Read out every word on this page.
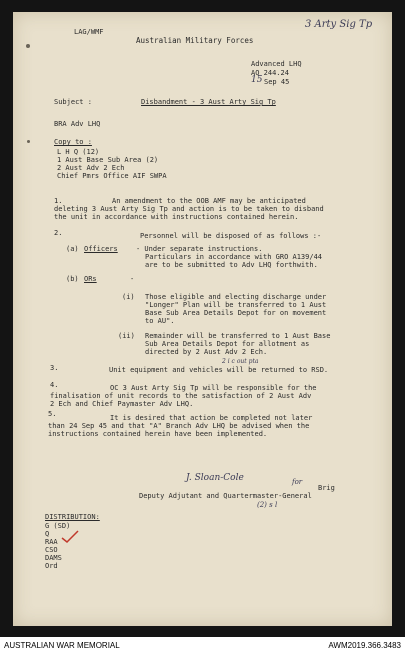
LAG/WMF
Australian Military Forces
3 Arty Sig Tp
Advanced LHQ
AQ 244.24
15 Sep 45
Subject :	Disbandment - 3 Aust Arty Sig Tp
BRA Adv LHQ
Copy to :
L H Q (12)
1 Aust Base Sub Area (2)
2 Aust Adv 2 Ech
Chief Pmrs Office AIF SWPA
1.	An amendment to the OOB AMF may be anticipated
deleting 3 Aust Arty Sig Tp and action is to be taken to disband
the unit in accordance with instructions contained herein.
2.	Personnel will be disposed of as follows :-
(a) Officers	- Under separate instructions.
Particulars in accordance with GRO A139/44
are to be submitted to Adv LHQ forthwith.
(b) ORs	-
(i) Those eligible and electing discharge under
"Longer" Plan will be transferred to 1 Aust
Base Sub Area Details Depot for on movement
to AU".
(ii) Remainder will be transferred to 1 Aust Base
Sub Area Details Depot for allotment as
directed by 2 Aust Adv 2 Ech.
3.	Unit equipment and vehicles will be returned to RSD.
2 i c out pta
4.	OC 3 Aust Arty Sig Tp will be responsible for the
finalisation of unit records to the satisfaction of 2 Aust Adv
2 Ech and Chief Paymaster Adv LHQ.
5.	It is desired that action be completed not later
than 24 Sep 45 and that "A" Branch Adv LHQ be advised when the
instructions contained herein have been implemented.
J. Sloan-Cole	for
Brig
Deputy Adjutant and Quartermaster-General
(2) s l
DISTRIBUTION:
G (SD)
Q
RAA
CSO
DAMS
Ord
AUSTRALIAN WAR MEMORIAL	AWM2019.366.3483
